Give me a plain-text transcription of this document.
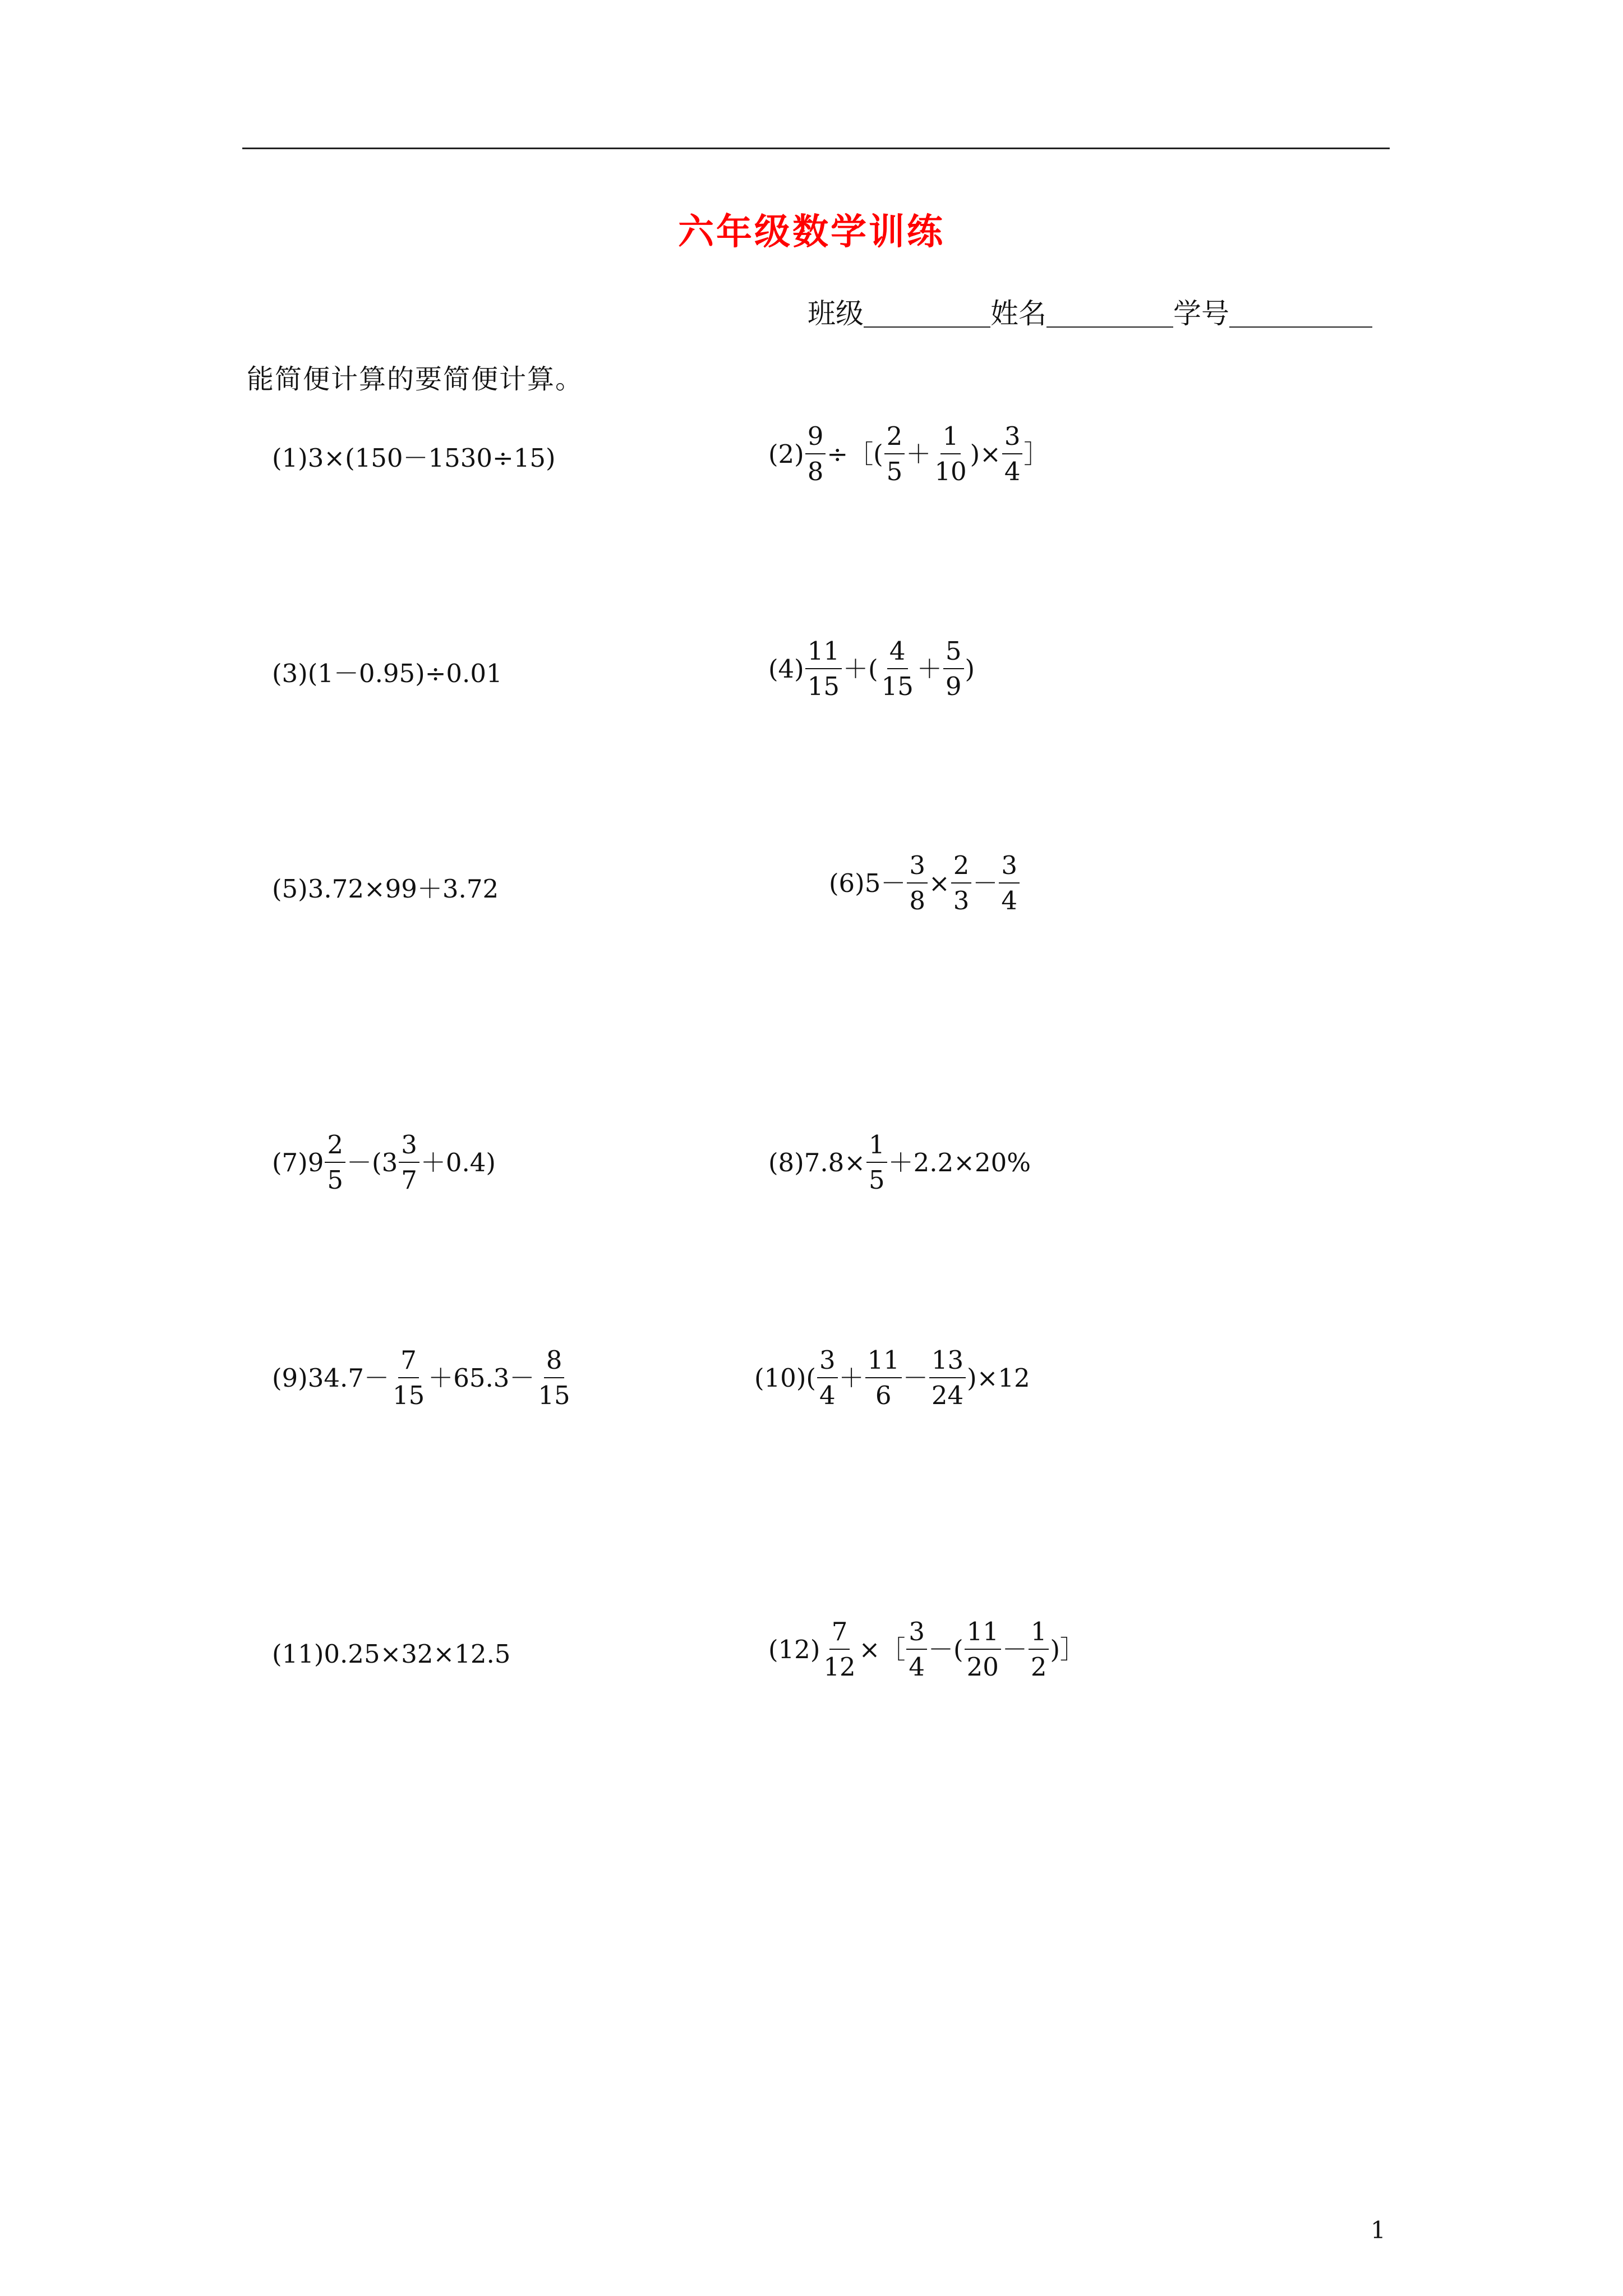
六年级数学训练
班级	姓名	学号
能简便计算的要简便计算。
(1) 3×(150－1530÷15)	$(2) \frac{9}{8}$ ÷［( $\frac{2}{5} + \frac{1}{10}$ )× $\frac{3}{4}$ ］
(3) (1－0.95)÷0.01	$(4) \frac{11}{15}$ ＋( $\frac{4}{15} + \frac{5}{9}$ )
(5) 3.72×99＋3.72	(6) $5- \frac{3}{8} \times \frac{2}{3} - \frac{3}{4}$
(7) $9 \frac{2}{5} -(3 \frac{3}{7} +0.4)$	(8) $7.8\times \frac{1}{5} +2.2\times 20\%$
(9) $34.7- \frac{7}{15} +65.3- \frac{8}{15}$	(10) ( $\frac{3}{4} + \frac{11}{6} - \frac{13}{24} )\times 12$
(11) 0.25×32×12.5	$(12) \frac{7}{12}$ ×［ $\frac{3}{4}$ －( $\frac{11}{20} - \frac{1}{2}$ )］
1
